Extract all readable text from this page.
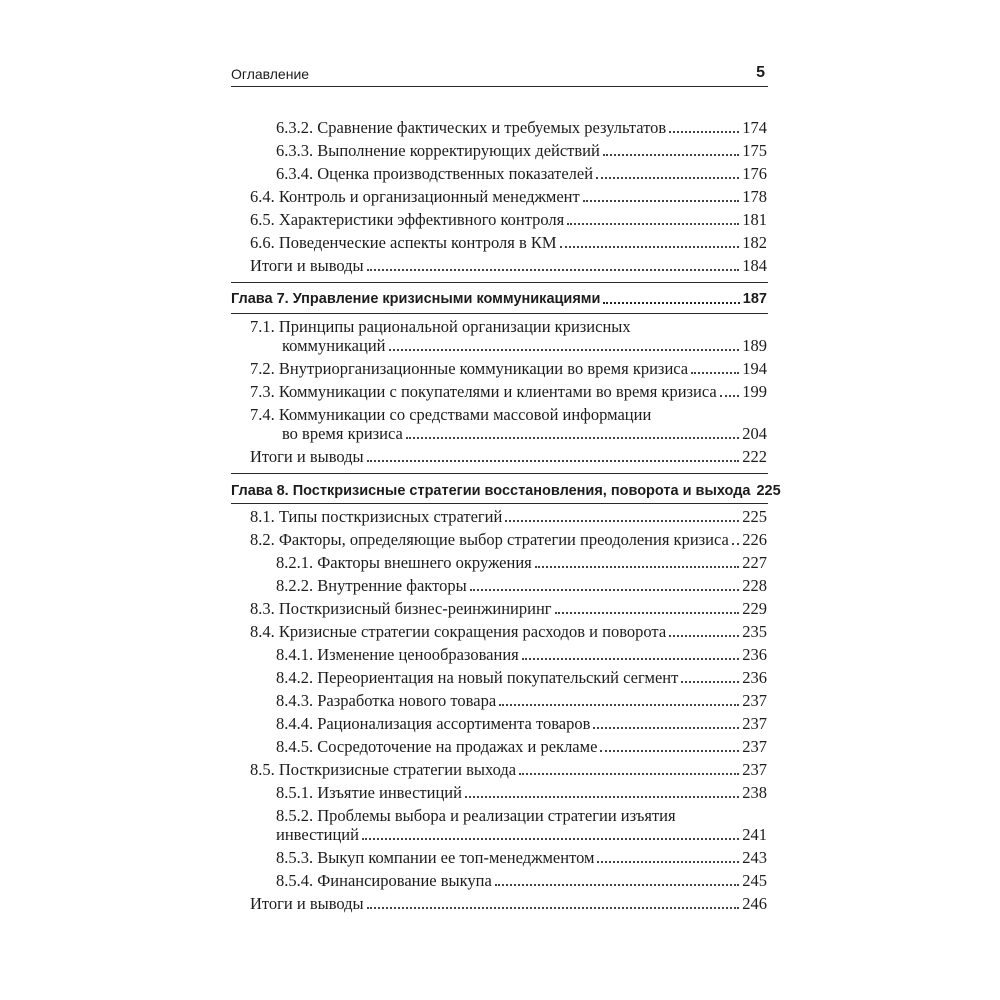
Оглавление	5
6.3.2. Сравнение фактических и требуемых результатов	174
6.3.3. Выполнение корректирующих действий	175
6.3.4. Оценка производственных показателей	176
6.4. Контроль и организационный менеджмент	178
6.5. Характеристики эффективного контроля	181
6.6. Поведенческие аспекты контроля в КМ	182
Итоги и выводы	184
Глава 7. Управление кризисными коммуникациями	187
7.1. Принципы рациональной организации кризисных
коммуникаций	189
7.2. Внутриорганизационные коммуникации во время кризиса	194
7.3. Коммуникации с покупателями и клиентами во время кризиса 199
7.4. Коммуникации со средствами массовой информации
во время кризиса	204
Итоги и выводы	222
Глава 8. Посткризисные стратегии восстановления, поворота и выхода 225
8.1. Типы посткризисных стратегий	225
8.2. Факторы, определяющие выбор стратегии преодоления кризиса 226
8.2.1. Факторы внешнего окружения	227
8.2.2. Внутренние факторы	228
8.3. Посткризисный бизнес-реинжиниринг	229
8.4. Кризисные стратегии сокращения расходов и поворота	235
8.4.1. Изменение ценообразования	236
8.4.2. Переориентация на новый покупательский сегмент	236
8.4.3. Разработка нового товара	237
8.4.4. Рационализация ассортимента товаров	237
8.4.5. Сосредоточение на продажах и рекламе	237
8.5. Посткризисные стратегии выхода	237
8.5.1. Изъятие инвестиций	238
8.5.2. Проблемы выбора и реализации стратегии изъятия
инвестиций	241
8.5.3. Выкуп компании ее топ-менеджментом	243
8.5.4. Финансирование выкупа	245
Итоги и выводы	246
